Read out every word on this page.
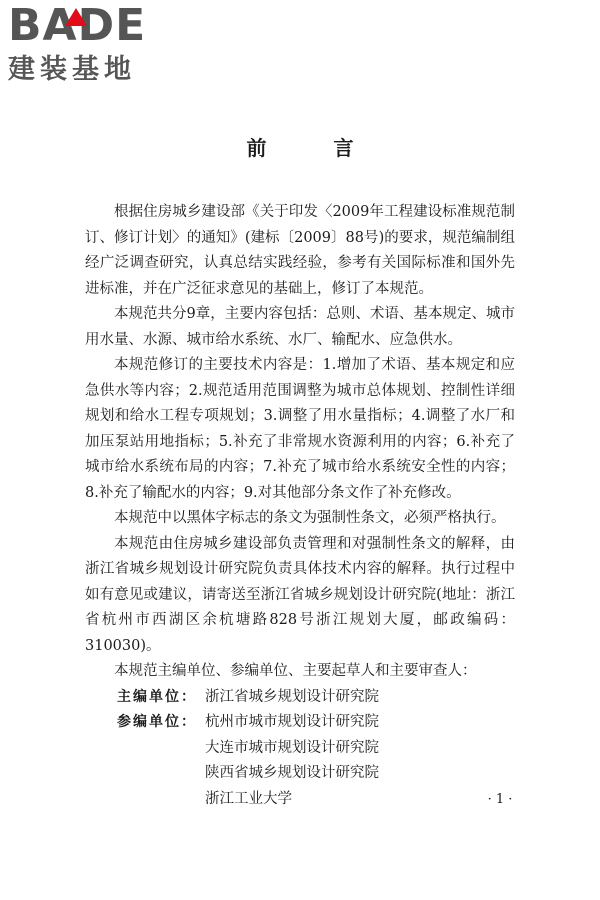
BADE
建装基地
前 言

根据住房城乡建设部《关于印发〈2009年工程建设标准规范制订、修订计划〉的通知》(建标〔2009〕88号)的要求，规范编制组经广泛调查研究，认真总结实践经验，参考有关国际标准和国外先进标准，并在广泛征求意见的基础上，修订了本规范。

本规范共分9章，主要内容包括：总则、术语、基本规定、城市用水量、水源、城市给水系统、水厂、输配水、应急供水。

本规范修订的主要技术内容是：1.增加了术语、基本规定和应急供水等内容；2.规范适用范围调整为城市总体规划、控制性详细规划和给水工程专项规划；3.调整了用水量指标；4.调整了水厂和加压泵站用地指标；5.补充了非常规水资源利用的内容；6.补充了城市给水系统布局的内容；7.补充了城市给水系统安全性的内容；8.补充了输配水的内容；9.对其他部分条文作了补充修改。

本规范中以黑体字标志的条文为强制性条文，必须严格执行。

本规范由住房城乡建设部负责管理和对强制性条文的解释，由浙江省城乡规划设计研究院负责具体技术内容的解释。执行过程中如有意见或建议，请寄送至浙江省城乡规划设计研究院(地址：浙江省杭州市西湖区余杭塘路828号浙江规划大厦，邮政编码：310030)。

本规范主编单位、参编单位、主要起草人和主要审查人：

主编单位： 浙江省城乡规划设计研究院
参编单位： 杭州市城市规划设计研究院
大连市城市规划设计研究院
陕西省城乡规划设计研究院
浙江工业大学	· 1 ·
